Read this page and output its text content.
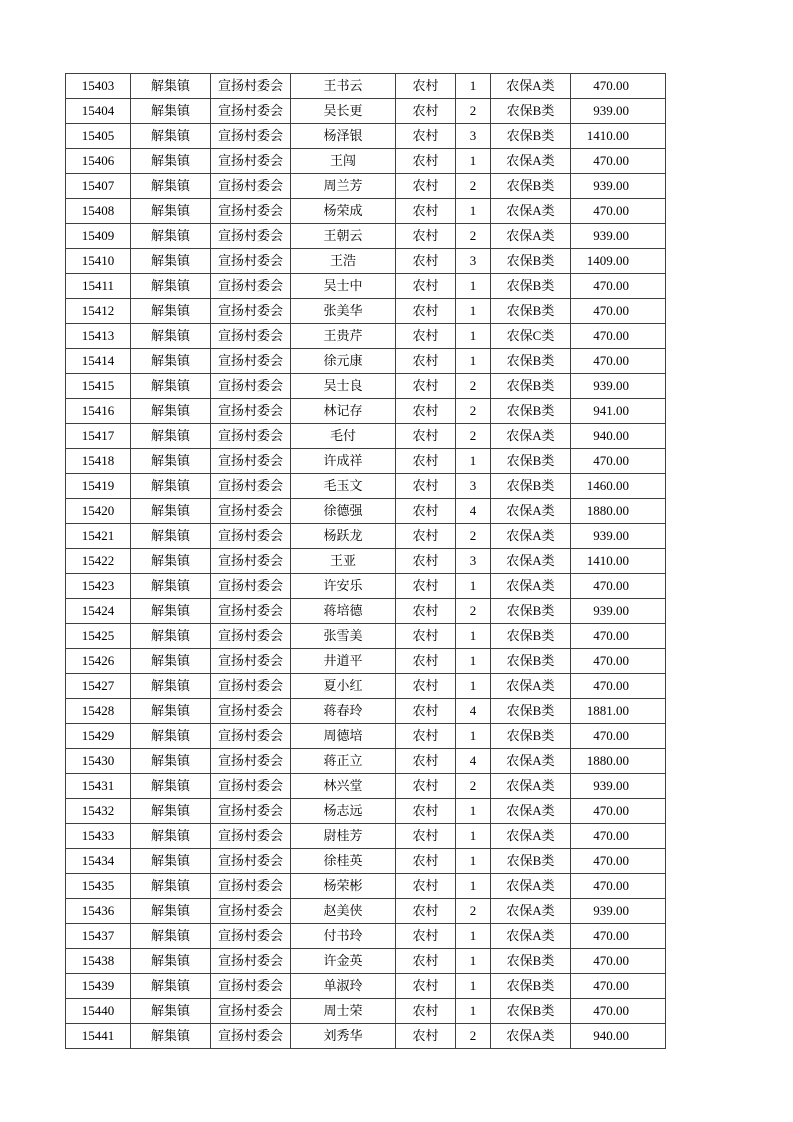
15403	解集镇	宣扬村委会	王书云	农村	1	农保A类	470.00
15404	解集镇	宣扬村委会	吴长更	农村	2	农保B类	939.00
15405	解集镇	宣扬村委会	杨泽银	农村	3	农保B类	1410.00
15406	解集镇	宣扬村委会	王闯	农村	1	农保A类	470.00
15407	解集镇	宣扬村委会	周兰芳	农村	2	农保B类	939.00
15408	解集镇	宣扬村委会	杨荣成	农村	1	农保A类	470.00
15409	解集镇	宣扬村委会	王朝云	农村	2	农保A类	939.00
15410	解集镇	宣扬村委会	王浩	农村	3	农保B类	1409.00
15411	解集镇	宣扬村委会	吴士中	农村	1	农保B类	470.00
15412	解集镇	宣扬村委会	张美华	农村	1	农保B类	470.00
15413	解集镇	宣扬村委会	王贵芹	农村	1	农保C类	470.00
15414	解集镇	宣扬村委会	徐元康	农村	1	农保B类	470.00
15415	解集镇	宣扬村委会	吴士良	农村	2	农保B类	939.00
15416	解集镇	宣扬村委会	林记存	农村	2	农保B类	941.00
15417	解集镇	宣扬村委会	毛付	农村	2	农保A类	940.00
15418	解集镇	宣扬村委会	许成祥	农村	1	农保B类	470.00
15419	解集镇	宣扬村委会	毛玉文	农村	3	农保B类	1460.00
15420	解集镇	宣扬村委会	徐德强	农村	4	农保A类	1880.00
15421	解集镇	宣扬村委会	杨跃龙	农村	2	农保A类	939.00
15422	解集镇	宣扬村委会	王亚	农村	3	农保A类	1410.00
15423	解集镇	宣扬村委会	许安乐	农村	1	农保A类	470.00
15424	解集镇	宣扬村委会	蒋培德	农村	2	农保B类	939.00
15425	解集镇	宣扬村委会	张雪美	农村	1	农保B类	470.00
15426	解集镇	宣扬村委会	井道平	农村	1	农保B类	470.00
15427	解集镇	宣扬村委会	夏小红	农村	1	农保A类	470.00
15428	解集镇	宣扬村委会	蒋春玲	农村	4	农保B类	1881.00
15429	解集镇	宣扬村委会	周德培	农村	1	农保B类	470.00
15430	解集镇	宣扬村委会	蒋正立	农村	4	农保A类	1880.00
15431	解集镇	宣扬村委会	林兴堂	农村	2	农保A类	939.00
15432	解集镇	宣扬村委会	杨志远	农村	1	农保A类	470.00
15433	解集镇	宣扬村委会	尉桂芳	农村	1	农保A类	470.00
15434	解集镇	宣扬村委会	徐桂英	农村	1	农保B类	470.00
15435	解集镇	宣扬村委会	杨荣彬	农村	1	农保A类	470.00
15436	解集镇	宣扬村委会	赵美侠	农村	2	农保A类	939.00
15437	解集镇	宣扬村委会	付书玲	农村	1	农保A类	470.00
15438	解集镇	宣扬村委会	许金英	农村	1	农保B类	470.00
15439	解集镇	宣扬村委会	单淑玲	农村	1	农保B类	470.00
15440	解集镇	宣扬村委会	周士荣	农村	1	农保B类	470.00
15441	解集镇	宣扬村委会	刘秀华	农村	2	农保A类	940.00
